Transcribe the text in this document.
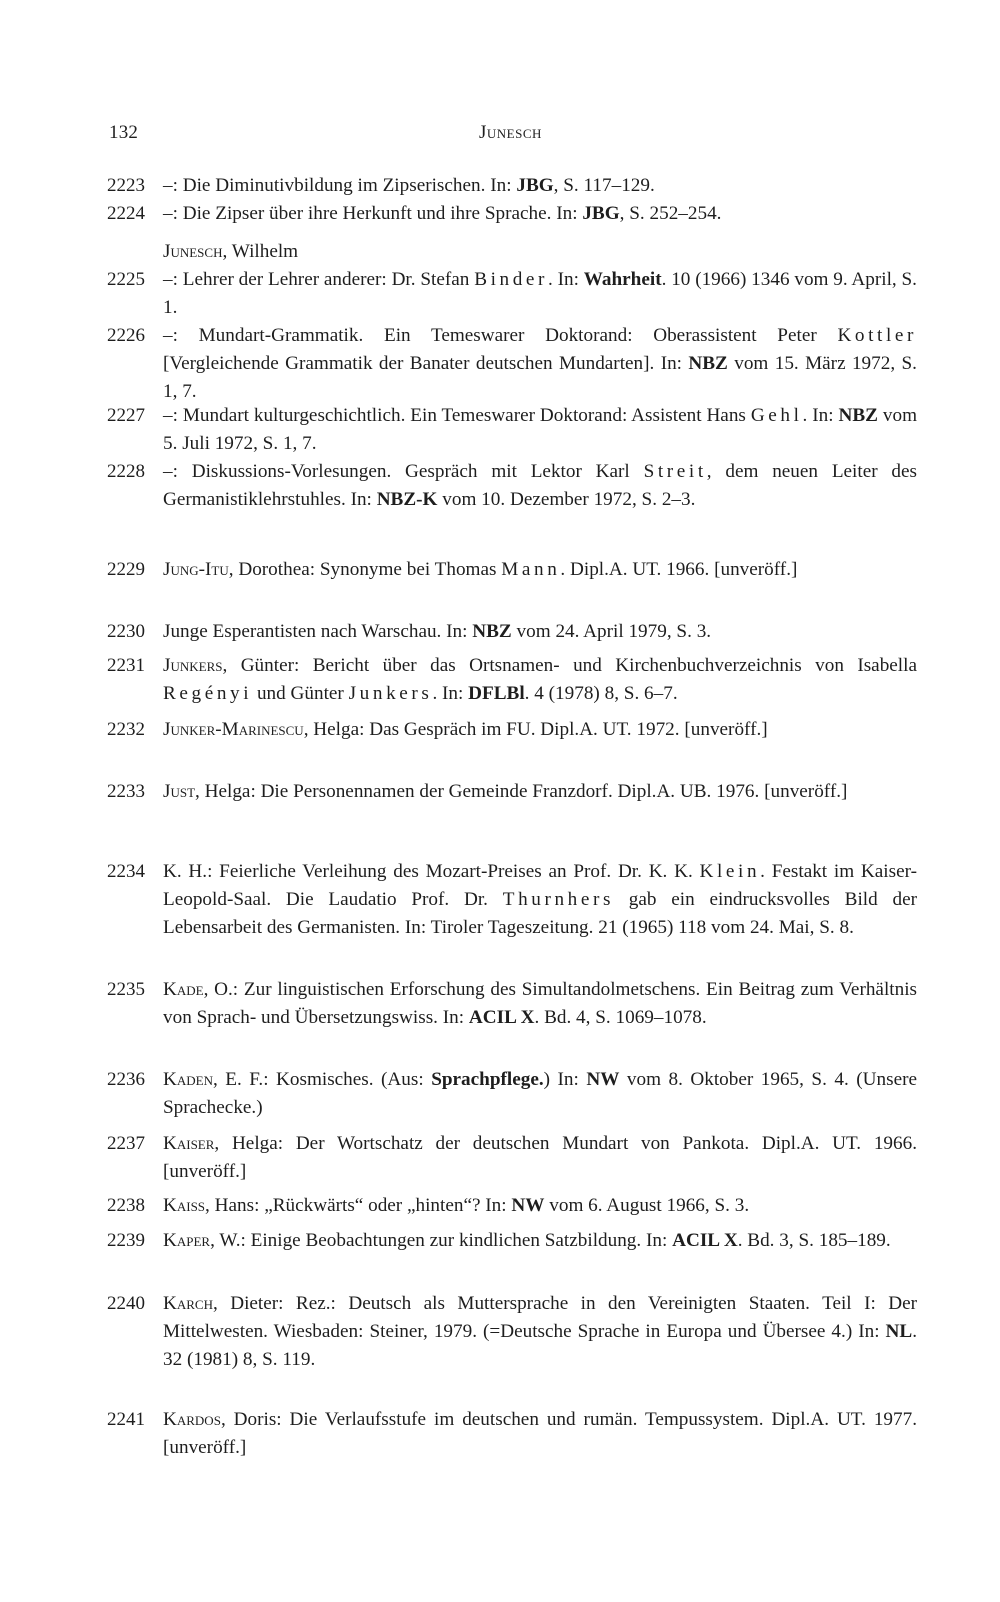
132	Junesch
2223 –: Die Diminutivbildung im Zipserischen. In: JBG, S. 117–129.
2224 –: Die Zipser über ihre Herkunft und ihre Sprache. In: JBG, S. 252–254.
Junesch, Wilhelm
2225 –: Lehrer der Lehrer anderer: Dr. Stefan Binder. In: Wahrheit. 10 (1966) 1346 vom 9. April, S. 1.
2226 –: Mundart-Grammatik. Ein Temeswarer Doktorand: Oberassistent Peter Kottler [Vergleichende Grammatik der Banater deutschen Mundarten]. In: NBZ vom 15. März 1972, S. 1, 7.
2227 –: Mundart kulturgeschichtlich. Ein Temeswarer Doktorand: Assistent Hans Gehl. In: NBZ vom 5. Juli 1972, S. 1, 7.
2228 –: Diskussions-Vorlesungen. Gespräch mit Lektor Karl Streit, dem neuen Leiter des Germanistiklehrstuhles. In: NBZ-K vom 10. Dezember 1972, S. 2–3.
2229 Jung-Itu, Dorothea: Synonyme bei Thomas Mann. Dipl.A. UT. 1966. [unveröff.]
2230 Junge Esperantisten nach Warschau. In: NBZ vom 24. April 1979, S. 3.
2231 Junkers, Günter: Bericht über das Ortsnamen- und Kirchenbuchverzeichnis von Isabella Regényi und Günter Junkers. In: DFLBl. 4 (1978) 8, S. 6–7.
2232 Junker-Marinescu, Helga: Das Gespräch im FU. Dipl.A. UT. 1972. [unveröff.]
2233 Just, Helga: Die Personennamen der Gemeinde Franzdorf. Dipl.A. UB. 1976. [unveröff.]
2234 K. H.: Feierliche Verleihung des Mozart-Preises an Prof. Dr. K. K. Klein. Festakt im Kaiser-Leopold-Saal. Die Laudatio Prof. Dr. Thurnhers gab ein eindrucksvolles Bild der Lebensarbeit des Germanisten. In: Tiroler Tageszeitung. 21 (1965) 118 vom 24. Mai, S. 8.
2235 Kade, O.: Zur linguistischen Erforschung des Simultandolmetschens. Ein Beitrag zum Verhältnis von Sprach- und Übersetzungswiss. In: ACIL X. Bd. 4, S. 1069–1078.
2236 Kaden, E. F.: Kosmisches. (Aus: Sprachpflege.) In: NW vom 8. Oktober 1965, S. 4. (Unsere Sprachecke.)
2237 Kaiser, Helga: Der Wortschatz der deutschen Mundart von Pankota. Dipl.A. UT. 1966. [unveröff.]
2238 Kaiss, Hans: „Rückwärts“ oder „hinten“? In: NW vom 6. August 1966, S. 3.
2239 Kaper, W.: Einige Beobachtungen zur kindlichen Satzbildung. In: ACIL X. Bd. 3, S. 185–189.
2240 Karch, Dieter: Rez.: Deutsch als Muttersprache in den Vereinigten Staaten. Teil I: Der Mittelwesten. Wiesbaden: Steiner, 1979. (=Deutsche Sprache in Europa und Übersee 4.) In: NL. 32 (1981) 8, S. 119.
2241 Kardos, Doris: Die Verlaufsstufe im deutschen und rumän. Tempussystem. Dipl.A. UT. 1977. [unveröff.]
